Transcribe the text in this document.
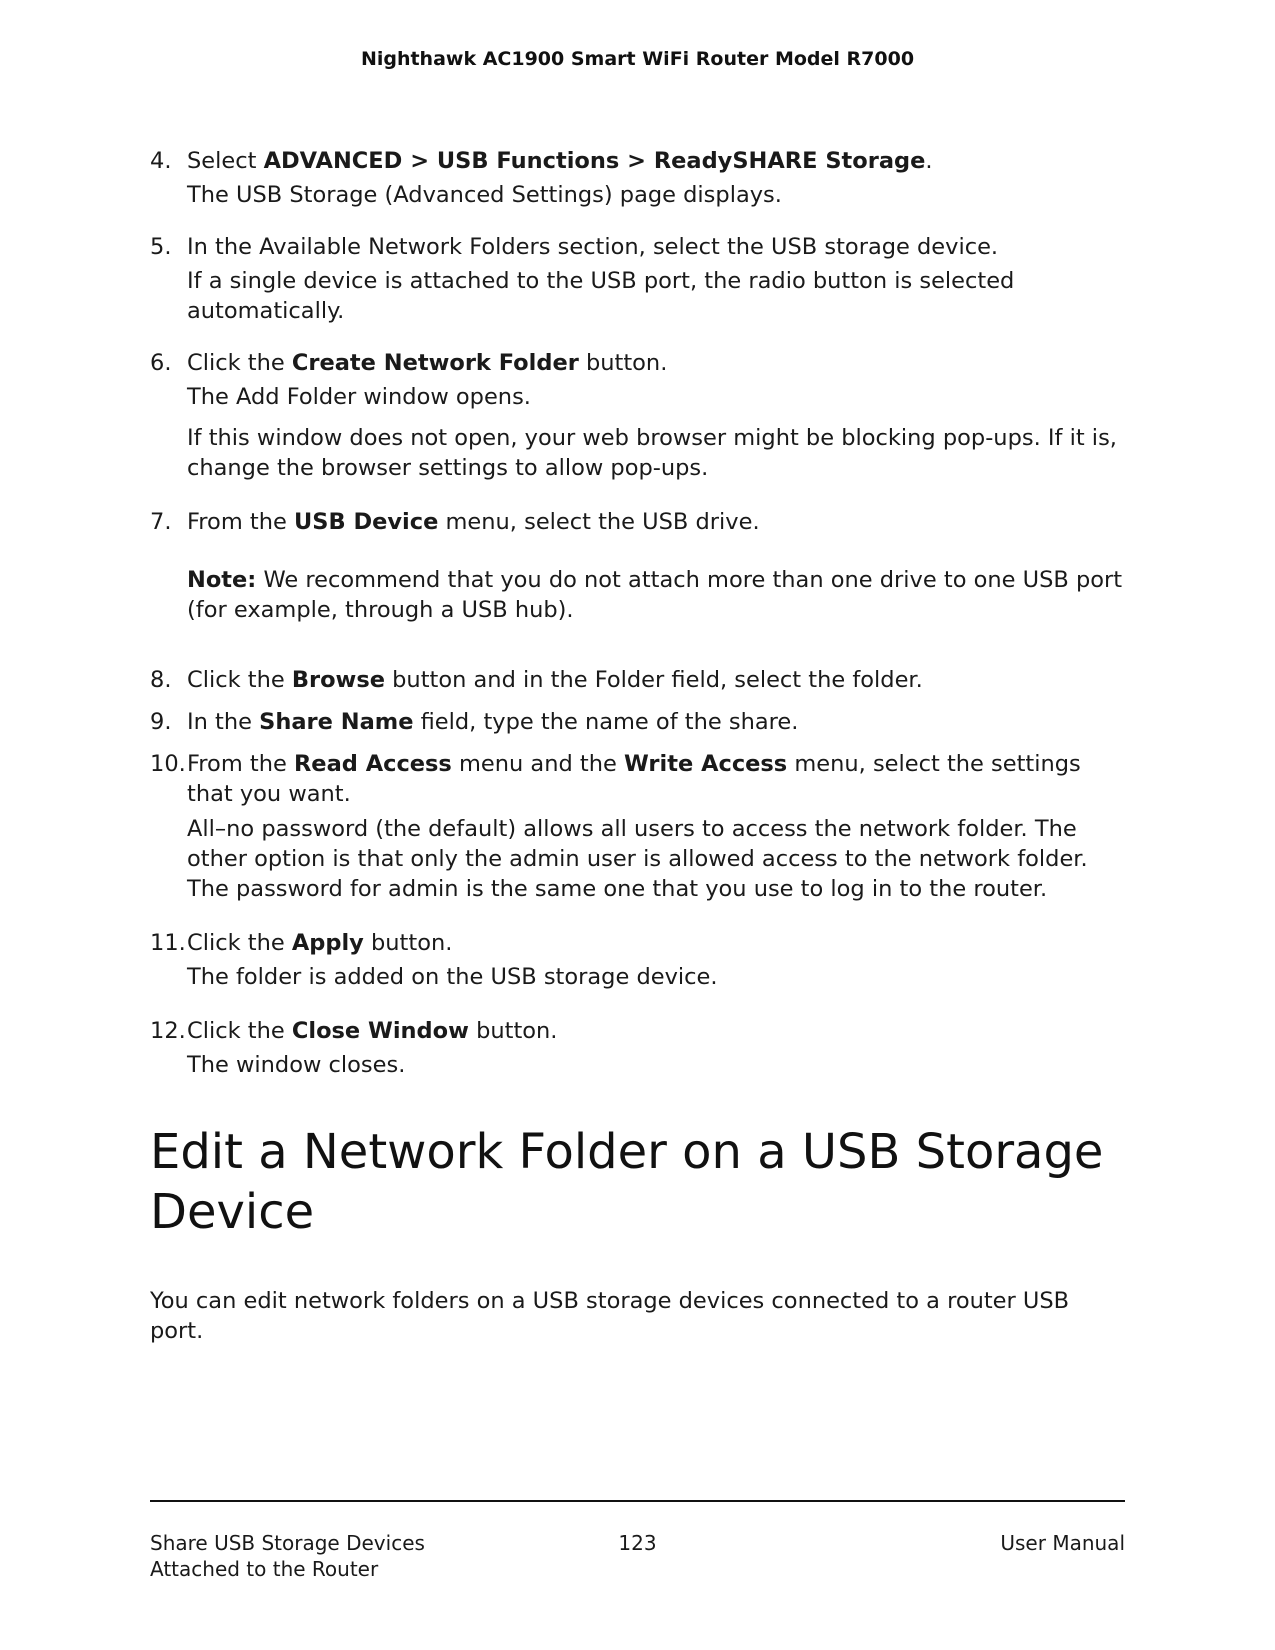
Nighthawk AC1900 Smart WiFi Router Model R7000
4. Select ADVANCED > USB Functions > ReadySHARE Storage.
The USB Storage (Advanced Settings) page displays.
5. In the Available Network Folders section, select the USB storage device.
If a single device is attached to the USB port, the radio button is selected automatically.
6. Click the Create Network Folder button.
The Add Folder window opens.
If this window does not open, your web browser might be blocking pop-ups. If it is, change the browser settings to allow pop-ups.
7. From the USB Device menu, select the USB drive.
Note: We recommend that you do not attach more than one drive to one USB port (for example, through a USB hub).
8. Click the Browse button and in the Folder field, select the folder.
9. In the Share Name field, type the name of the share.
10. From the Read Access menu and the Write Access menu, select the settings that you want.
All–no password (the default) allows all users to access the network folder. The other option is that only the admin user is allowed access to the network folder. The password for admin is the same one that you use to log in to the router.
11. Click the Apply button.
The folder is added on the USB storage device.
12. Click the Close Window button.
The window closes.
Edit a Network Folder on a USB Storage Device

You can edit network folders on a USB storage devices connected to a router USB port.

Share USB Storage Devices
Attached to the Router
123	User Manual
